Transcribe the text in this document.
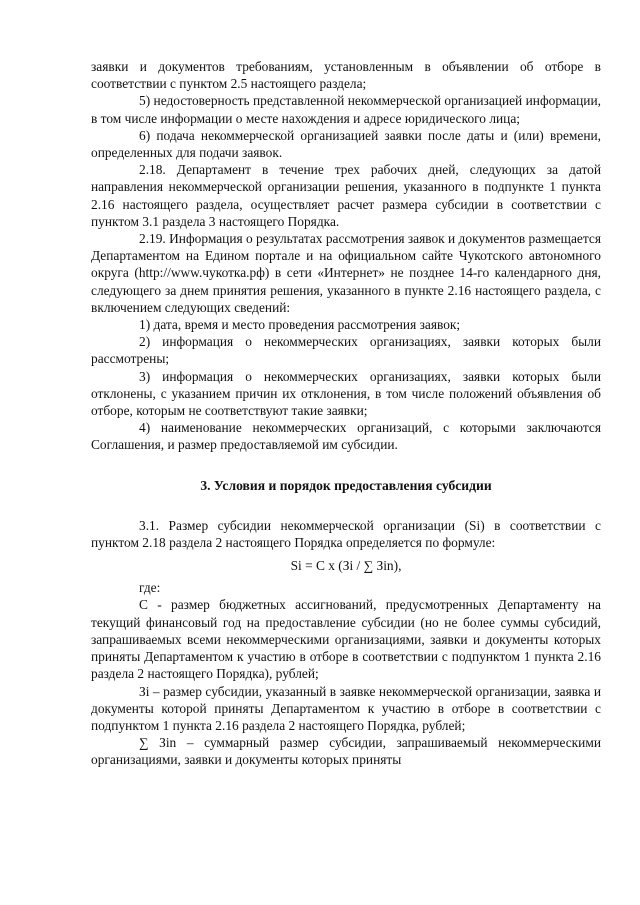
заявки и документов требованиям, установленным в объявлении об отборе в соответствии с пунктом 2.5 настоящего раздела;

5) недостоверность представленной некоммерческой организацией информации, в том числе информации о месте нахождения и адресе юридического лица;

6) подача некоммерческой организацией заявки после даты и (или) времени, определенных для подачи заявок.

2.18. Департамент в течение трех рабочих дней, следующих за датой направления некоммерческой организации решения, указанного в подпункте 1 пункта 2.16 настоящего раздела, осуществляет расчет размера субсидии в соответствии с пунктом 3.1 раздела 3 настоящего Порядка.

2.19. Информация о результатах рассмотрения заявок и документов размещается Департаментом на Едином портале и на официальном сайте Чукотского автономного округа (http://www.чукотка.рф) в сети «Интернет» не позднее 14-го календарного дня, следующего за днем принятия решения, указанного в пункте 2.16 настоящего раздела, с включением следующих сведений:

1) дата, время и место проведения рассмотрения заявок;

2) информация о некоммерческих организациях, заявки которых были рассмотрены;

3) информация о некоммерческих организациях, заявки которых были отклонены, с указанием причин их отклонения, в том числе положений объявления об отборе, которым не соответствуют такие заявки;

4) наименование некоммерческих организаций, с которыми заключаются Соглашения, и размер предоставляемой им субсидии.

3. Условия и порядок предоставления субсидии

3.1. Размер субсидии некоммерческой организации (Si) в соответствии с пунктом 2.18 раздела 2 настоящего Порядка определяется по формуле:

Si = C x (Зi / ∑ Зin),

где:

C - размер бюджетных ассигнований, предусмотренных Департаменту на текущий финансовый год на предоставление субсидии (но не более суммы субсидий, запрашиваемых всеми некоммерческими организациями, заявки и документы которых приняты Департаментом к участию в отборе в соответствии с подпунктом 1 пункта 2.16 раздела 2 настоящего Порядка), рублей;

Зi – размер субсидии, указанный в заявке некоммерческой организации, заявка и документы которой приняты Департаментом к участию в отборе в соответствии с подпунктом 1 пункта 2.16 раздела 2 настоящего Порядка, рублей;

∑ Зin – суммарный размер субсидии, запрашиваемый некоммерческими организациями, заявки и документы которых приняты
